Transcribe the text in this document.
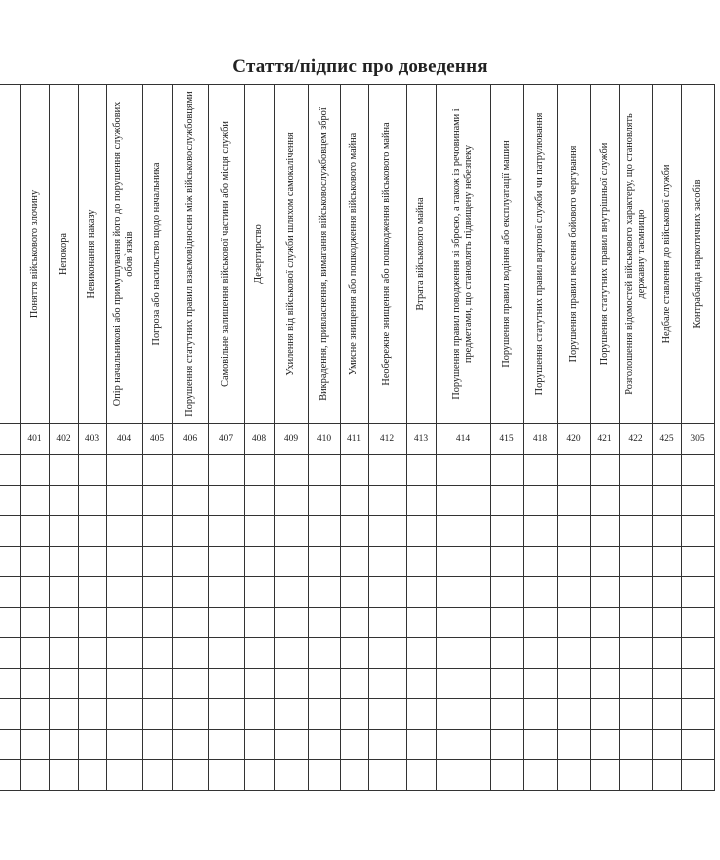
Стаття/підпис про доведення

	Поняття військового злочину	Непокора	Невиконання наказу	Опір начальникові або примушування його до порушення службових обов`язків	Погроза або насильство щодо начальника	Порушення статутних правил взаємовідносин між військовослужбовцями	Самовільне залишення військової частини або місця служби	Дезертирство	Ухилення від військової служби шляхом самокалічення	Викрадення, привласнення, вимагання військовослужбовцем зброї	Умисне знищення або пошкодження військового майна	Необережне знищення або пошкодження військового майна	Втрата військового майна	Порушення правил поводження зі зброєю, а також із речовинами і предметами, що становлять підвищену небезпеку	Порушення правил водіння або експлуатації машин	Порушення статутних правил вартової служби чи патрулювання	Порушення правил несення бойового чергування	Порушення статутних правил внутрішньої служби	Розголошення відомостей військового характеру, що становлять державну таємницю	Недбале ставлення до військової служби	Контрабанда наркотичних засобів

	401	402	403	404	405	406	407	408	409	410	411	412	413	414	415	418	420	421	422	425	305
